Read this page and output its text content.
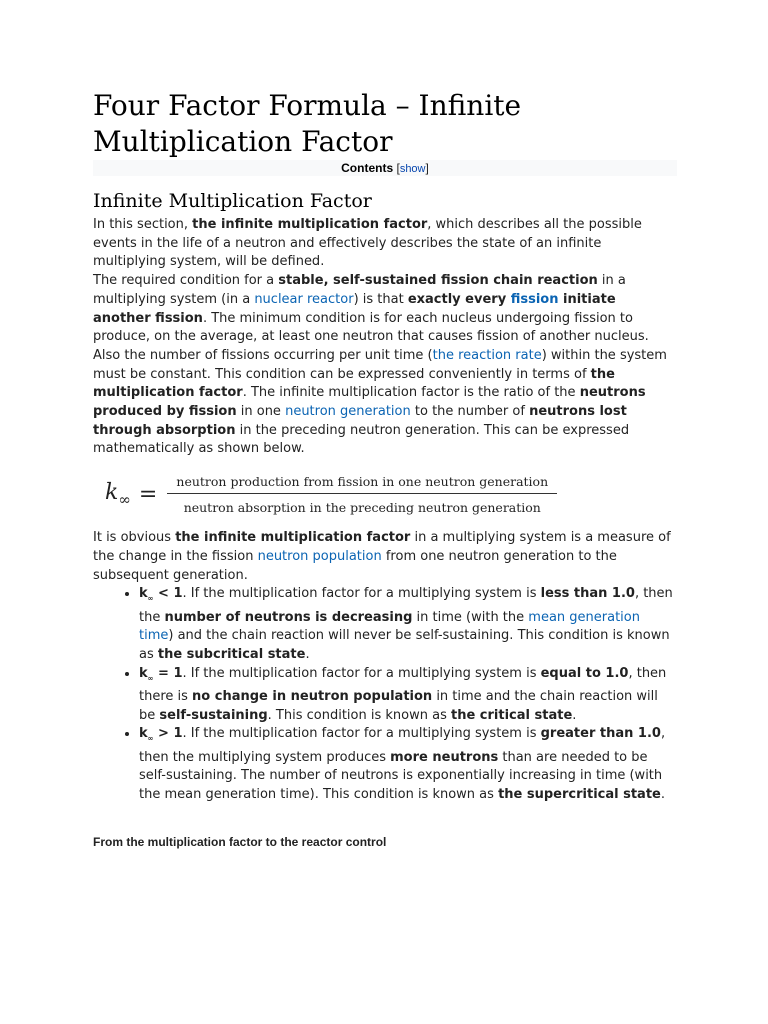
Four Factor Formula – Infinite Multiplication Factor
Contents [show]
Infinite Multiplication Factor

In this section, the infinite multiplication factor, which describes all the possible events in the life of a neutron and effectively describes the state of an infinite multiplying system, will be defined.

The required condition for a stable, self-sustained fission chain reaction in a multiplying system (in a nuclear reactor) is that exactly every fission initiate another fission. The minimum condition is for each nucleus undergoing fission to produce, on the average, at least one neutron that causes fission of another nucleus. Also the number of fissions occurring per unit time (the reaction rate) within the system must be constant. This condition can be expressed conveniently in terms of the multiplication factor. The infinite multiplication factor is the ratio of the neutrons produced by fission in one neutron generation to the number of neutrons lost through absorption in the preceding neutron generation. This can be expressed mathematically as shown below.

$k_\infty = \frac{\text{neutron production from fission in one neutron generation}}{\text{neutron absorption in the preceding neutron generation}}$

It is obvious the infinite multiplication factor in a multiplying system is a measure of the change in the fission neutron population from one neutron generation to the subsequent generation.

• $k_\infty < 1$. If the multiplication factor for a multiplying system is less than 1.0, then the number of neutrons is decreasing in time (with the mean generation time) and the chain reaction will never be self-sustaining. This condition is known as the subcritical state.
• $k_\infty = 1$. If the multiplication factor for a multiplying system is equal to 1.0, then there is no change in neutron population in time and the chain reaction will be self-sustaining. This condition is known as the critical state.
• $k_\infty > 1$. If the multiplication factor for a multiplying system is greater than 1.0, then the multiplying system produces more neutrons than are needed to be self-sustaining. The number of neutrons is exponentially increasing in time (with the mean generation time). This condition is known as the supercritical state.
From the multiplication factor to the reactor control
